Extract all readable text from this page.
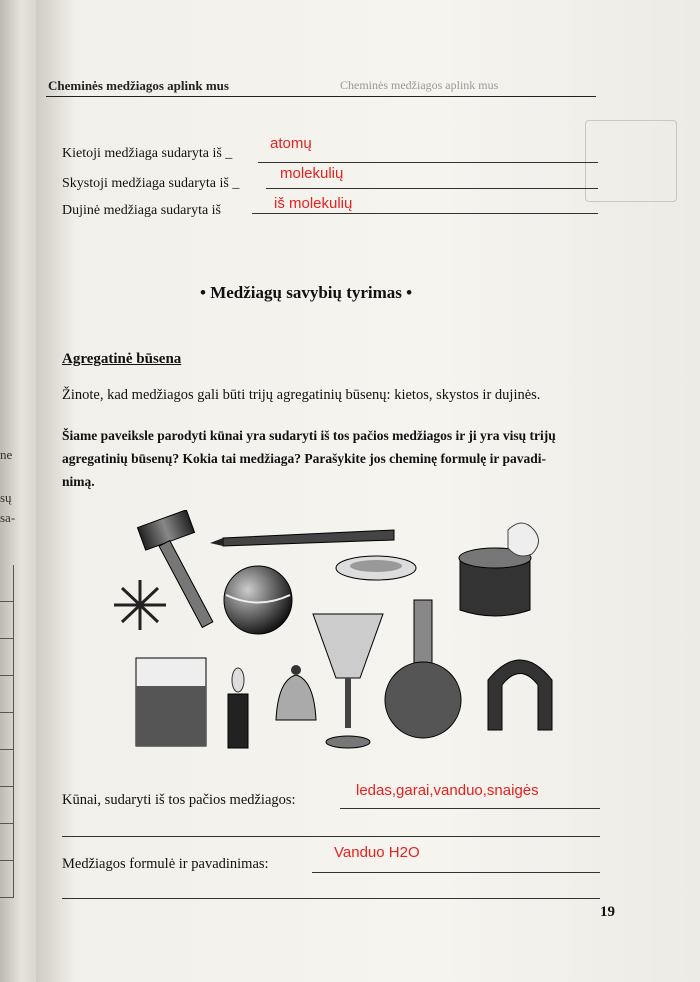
ne
sų
sa-
Cheminės medžiagos aplink mus	Cheminės medžiagos aplink mus
Kietoji medžiaga sudaryta iš _
atomų
Skystoji medžiaga sudaryta iš _
molekulių
Dujinė medžiaga sudaryta iš	iš molekulių
• Medžiagų savybių tyrimas •
Agregatinė būsena
Žinote, kad medžiagos gali būti trijų agregatinių būsenų: kietos, skystos ir dujinės.
Šiame paveiksle parodyti kūnai yra sudaryti iš tos pačios medžiagos ir ji yra visų trijų
agregatinių būsenų? Kokia tai medžiaga? Parašykite jos cheminę formulę ir pavadi-
nimą.
Kūnai, sudaryti iš tos pačios medžiagos:
ledas,garai,vanduo,snaigės
Medžiagos formulė ir pavadinimas:
Vanduo H2O
19
